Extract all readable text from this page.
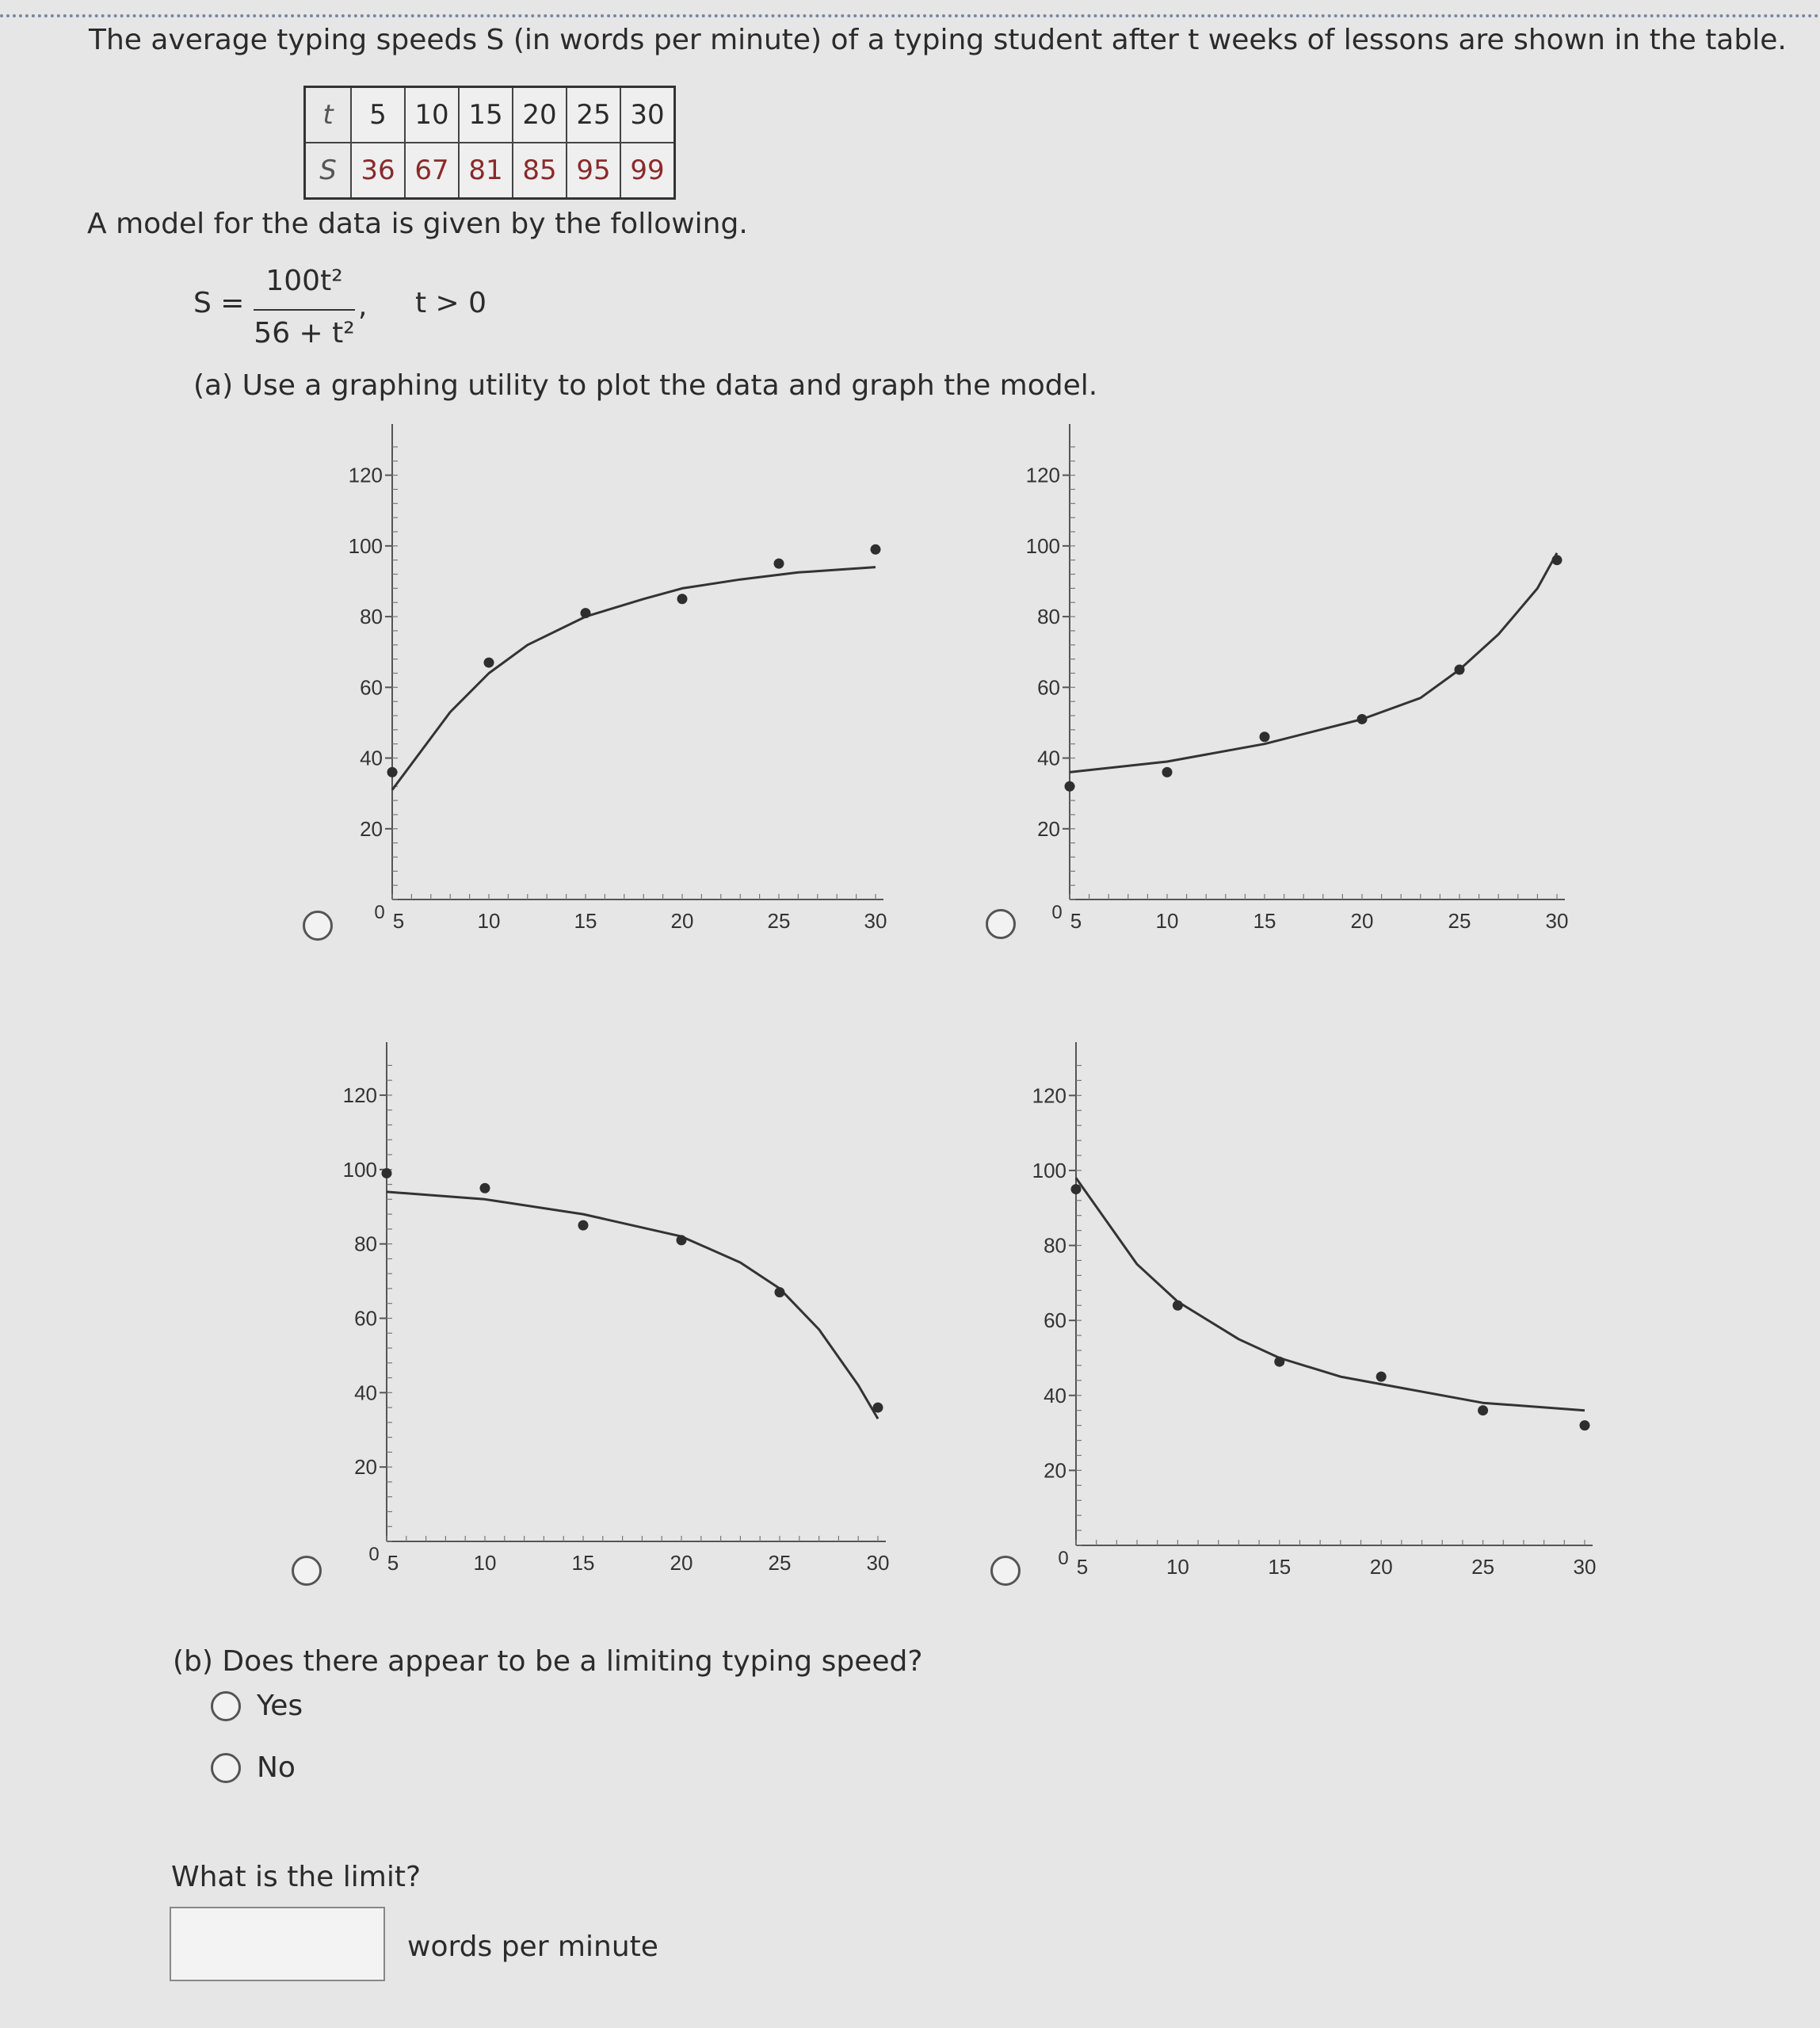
The average typing speeds S (in words per minute) of a typing student after t weeks of lessons are shown in the table.
t	5	10	15	20	25	30
S	36	67	81	85	95	99
A model for the data is given by the following.
S =
100t²
56 + t²
, t > 0
(a) Use a graphing utility to plot the data and graph the model.
20
40
60
80
100
120
5	10	15	20	25	30
0
20
40
60
80
100
120
5	10	15	20	25	30
0
20
40
60
80
100
120
5	10	15	20	25	30
0
20
40
60
80
100
120
5	10	15	20	25	30
0
(b) Does there appear to be a limiting typing speed?
Yes
No
What is the limit?
words per minute
